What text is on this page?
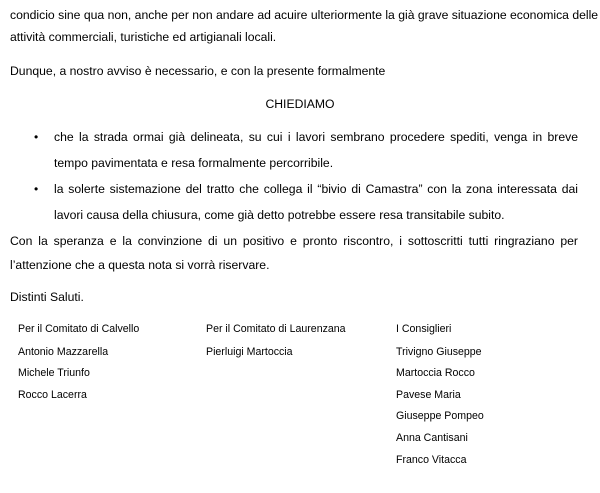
condicio sine qua non, anche per non andare ad acuire ulteriormente la già grave situazione economica delle
attività commerciali, turistiche ed artigianali locali.
Dunque, a nostro avviso è necessario, e con la presente formalmente
CHIEDIAMO
• che la strada ormai già delineata, su cui i lavori sembrano procedere spediti, venga in breve
tempo pavimentata e resa formalmente percorribile.
• la solerte sistemazione del tratto che collega il “bivio di Camastra” con la zona interessata dai
lavori causa della chiusura, come già detto potrebbe essere resa transitabile subito.
Con la speranza e la convinzione di un positivo e pronto riscontro, i sottoscritti tutti ringraziano per
l’attenzione che a questa nota si vorrà riservare.
Distinti Saluti.
Per il Comitato di Calvello
Antonio Mazzarella
Michele Triunfo
Rocco Lacerra
Per il Comitato di Laurenzana
Pierluigi Martoccia
I Consiglieri
Trivigno Giuseppe
Martoccia Rocco
Pavese Maria
Giuseppe Pompeo
Anna Cantisani
Franco Vitacca
